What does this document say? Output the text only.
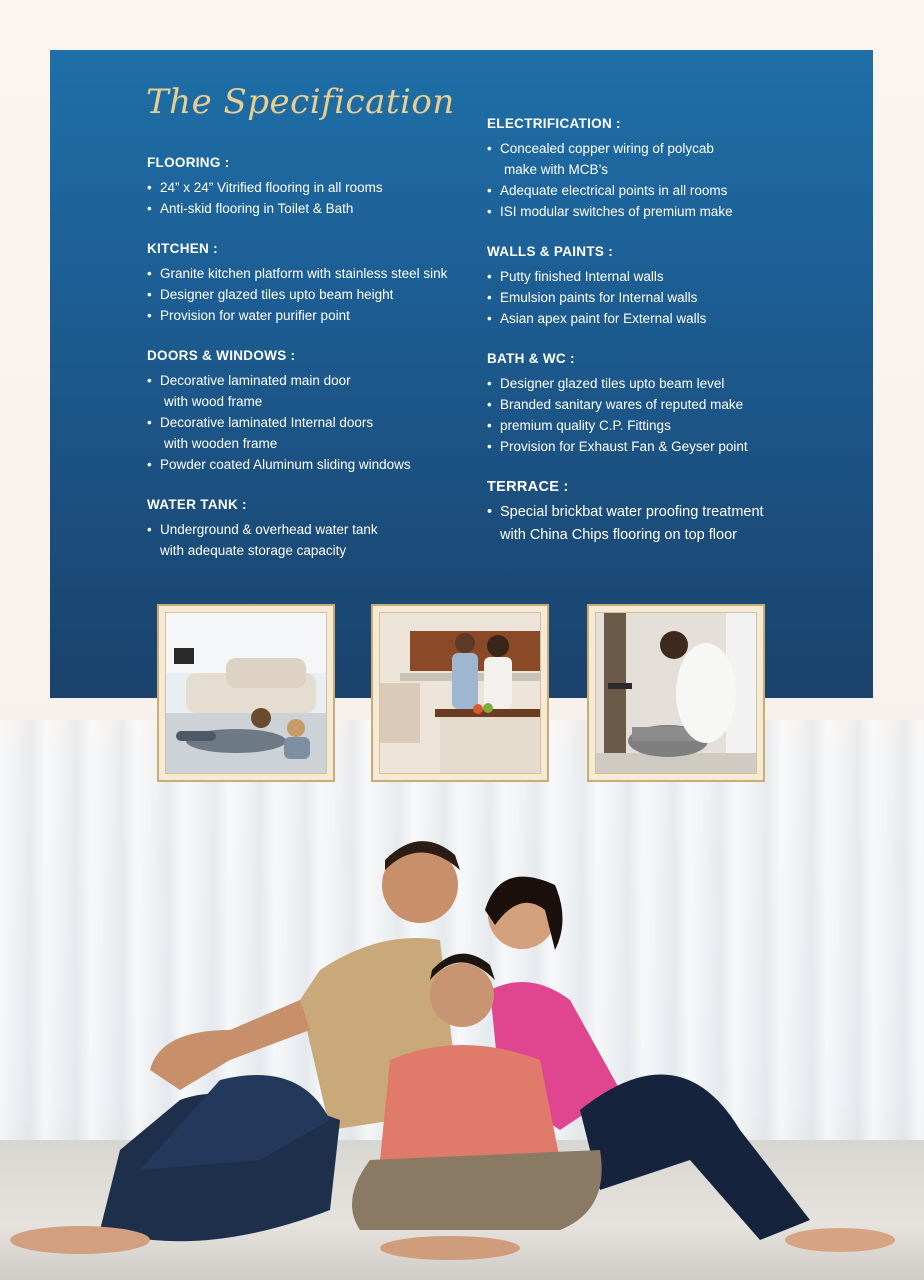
The Specification
FLOORING :
• 24” x 24” Vitrified flooring in all rooms
• Anti-skid flooring in Toilet & Bath
KITCHEN :
• Granite kitchen platform with stainless steel sink
• Designer glazed tiles upto beam height
• Provision for water purifier point
DOORS & WINDOWS :
• Decorative laminated main door
with wood frame
• Decorative laminated Internal doors
with wooden frame
• Powder coated Aluminum sliding windows
WATER TANK :
• Underground & overhead water tank
with adequate storage capacity
ELECTRIFICATION :
• Concealed copper wiring of polycab
make with MCB’s
• Adequate electrical points in all rooms
• ISI modular switches of premium make
WALLS & PAINTS :
• Putty finished Internal walls
• Emulsion paints for Internal walls
• Asian apex paint for External walls
BATH & WC :
• Designer glazed tiles upto beam level
• Branded sanitary wares of reputed make
• premium quality C.P. Fittings
• Provision for Exhaust Fan & Geyser point
TERRACE :
• Special brickbat water proofing treatment
with China Chips flooring on top floor
